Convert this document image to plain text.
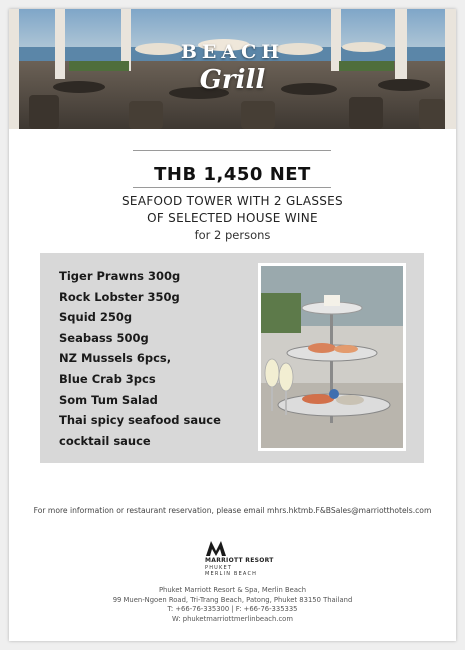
BEACH
Grill
THB 1,450 NET
SEAFOOD TOWER WITH 2 GLASSES
OF SELECTED HOUSE WINE
for 2 persons
Tiger Prawns 300g
Rock Lobster 350g
Squid 250g
Seabass 500g
NZ Mussels 6pcs,
Blue Crab 3pcs
Som Tum Salad
Thai spicy seafood sauce
cocktail sauce
For more information or restaurant reservation, please email mhrs.hktmb.F&BSales@marriotthotels.com
MARRIOTT RESORT
PHUKET
MERLIN BEACH
Phuket Marriott Resort & Spa, Merlin Beach
99 Muen-Ngoen Road, Tri-Trang Beach, Patong, Phuket 83150 Thailand
T: +66-76-335300 | F: +66-76-335335
W: phuketmarriottmerlinbeach.com
